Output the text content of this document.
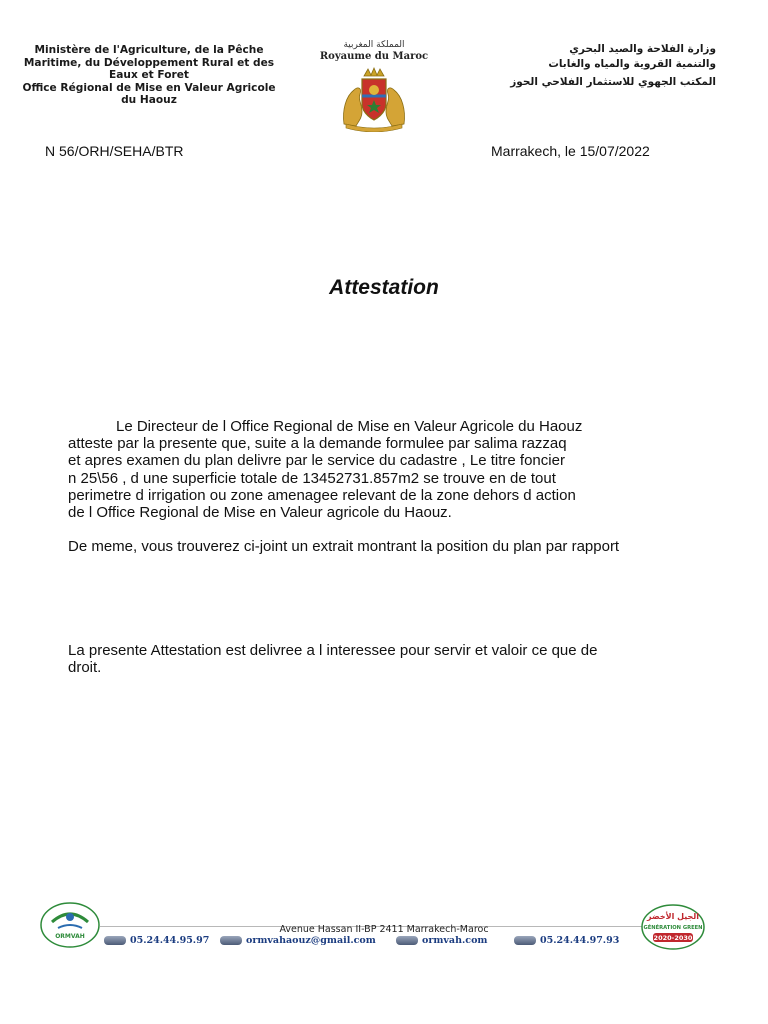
Ministère de l'Agriculture, de la Pêche
Maritime, du Développement Rural et des
Eaux et Foret
Office Régional de Mise en Valeur Agricole
du Haouz
المملكة المغربية
Royaume du Maroc
وزارة الفلاحة والصيد البحري
والتنمية القروية والمياه والغابات
المكتب الجهوي للاستثمار الفلاحي الحوز
N 56/ORH/SEHA/BTR	Marrakech, le 15/07/2022
Attestation
Le Directeur de l Office Regional de Mise en Valeur Agricole du Haouz
atteste par la presente que, suite a la demande formulee par salima razzaq
et apres examen du plan delivre par le service du cadastre , Le titre foncier
n 25\56 , d une superficie totale de 13452731.857m2 se trouve en de tout
perimetre d irrigation ou zone amenagee relevant de la zone dehors d action
de l Office Regional de Mise en Valeur agricole du Haouz.
De meme, vous trouverez ci-joint un extrait montrant la position du plan par rapport
La presente Attestation est delivree a l interessee pour servir et valoir ce que de
droit.
Avenue Hassan II-BP 2411 Marrakech-Maroc
05.24.44.95.97	ormvahaouz@gmail.com	ormvah.com	05.24.44.97.93
ORMVAH
الجيل الأخضر
GÉNÉRATION GREEN
2020-2030
